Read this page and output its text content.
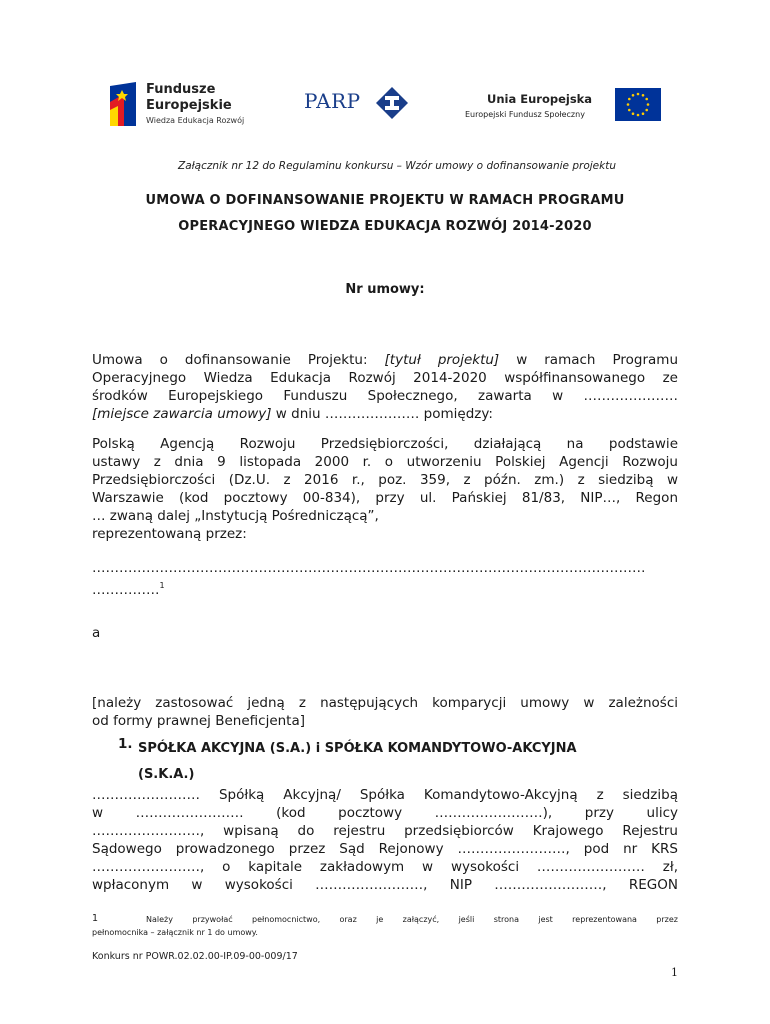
Fundusze
Europejskie
Wiedza Edukacja Rozwój
PARP	Unia Europejska
Europejski Fundusz Społeczny
Załącznik nr 12 do Regulaminu konkursu – Wzór umowy o dofinansowanie projektu
UMOWA O DOFINANSOWANIE PROJEKTU W RAMACH PROGRAMU
OPERACYJNEGO WIEDZA EDUKACJA ROZWÓJ 2014-2020
Nr umowy:
Umowa o dofinansowanie Projektu: [tytuł projektu] w ramach Programu
Operacyjnego Wiedza Edukacja Rozwój 2014-2020 współfinansowanego ze
środków Europejskiego Funduszu Społecznego, zawarta w …………………
[miejsce zawarcia umowy] w dniu ………………… pomiędzy:
Polską Agencją Rozwoju Przedsiębiorczości, działającą na podstawie
ustawy z dnia 9 listopada 2000 r. o utworzeniu Polskiej Agencji Rozwoju
Przedsiębiorczości (Dz.U. z 2016 r., poz. 359, z późn. zm.) z siedzibą w
Warszawie (kod pocztowy 00-834), przy ul. Pańskiej 81/83, NIP…, Regon
… zwaną dalej „Instytucją Pośredniczącą”,
reprezentowaną przez:
……………………………………………………………………………………………………………
……………$^1$
a
[należy zastosować jedną z następujących komparycji umowy w zależności
od formy prawnej Beneficjenta]
1. SPÓŁKA AKCYJNA (S.A.) i SPÓŁKA KOMANDYTOWO-AKCYJNA
(S.K.A.)
…………………… Spółką Akcyjną/ Spółka Komandytowo-Akcyjną z siedzibą
w …………………… (kod pocztowy ……………………), przy ulicy
……………………, wpisaną do rejestru przedsiębiorców Krajowego Rejestru
Sądowego prowadzonego przez Sąd Rejonowy ……………………, pod nr KRS
……………………, o kapitale zakładowym w wysokości …………………… zł,
wpłaconym w wysokości ……………………, NIP ……………………, REGON
1	Należy przywołać pełnomocnictwo, oraz je załączyć, jeśli strona jest reprezentowana przez
pełnomocnika – załącznik nr 1 do umowy.
Konkurs nr POWR.02.02.00-IP.09-00-009/17
1
